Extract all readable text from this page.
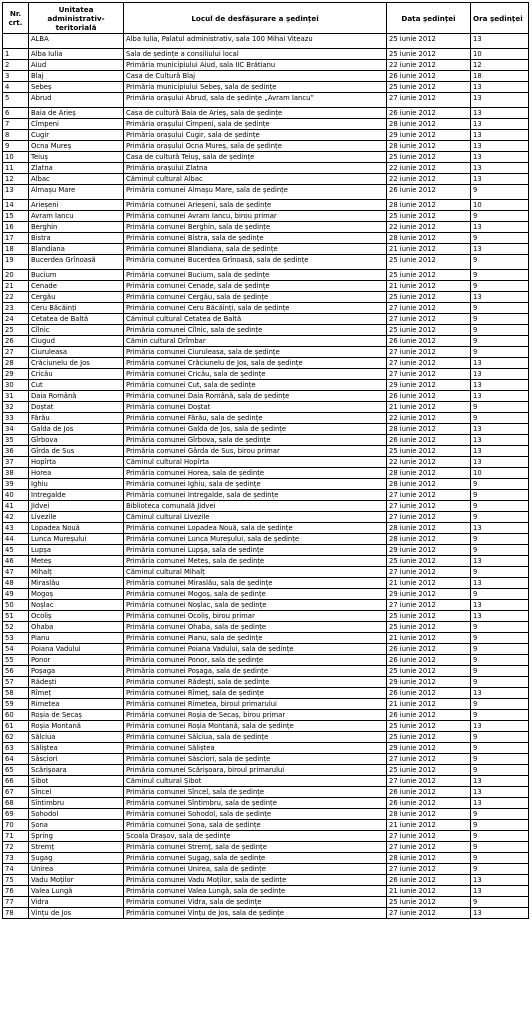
Nr. crt.	Unitatea administrativ-teritorială	Locul de desfășurare a ședinței	Data ședinței	Ora ședinței
	ALBA	Alba Iulia, Palatul administrativ, sala 100 Mihai Viteazu	25 iunie 2012	13
1	Alba Iulia	Sala de ședințe a consiliului local	25 iunie 2012	10
2	Aiud	Primăria municipiului Aiud, sala IIC Brătianu	22 iunie 2012	12
3	Blaj	Casa de Cultură Blaj	26 iunie 2012	18
4	Sebeș	Primăria municipiului Sebeș, sala de ședințe	25 iunie 2012	13
5	Abrud	Primăria orașului Abrud, sala de ședințe „Avram Iancu”	27 iunie 2012	13
6	Baia de Arieș	Casa de cultură Baia de Arieș, sala de ședințe	26 iunie 2012	13
7	Cîmpeni	Primăria orașului Cîmpeni, sala de ședințe	28 iunie 2012	13
8	Cugir	Primăria orașului Cugir, sala de ședințe	29 iunie 2012	13
9	Ocna Mureș	Primăria orașului Ocna Mureș, sala de ședințe	28 iunie 2012	13
10	Teiuș	Casa de cultură Teiuș, sala de ședințe	25 iunie 2012	13
11	Zlatna	Primăria orașului Zlatna	22 iunie 2012	13
12	Albac	Căminul cultural Albac	22 iunie 2012	13
13	Almașu Mare	Primăria comunei Almașu Mare, sala de ședințe	26 iunie 2012	9
14	Arieșeni	Primăria comunei Arieșeni, sala de ședințe	28 iunie 2012	10
15	Avram Iancu	Primăria comunei Avram Iancu, birou primar	25 iunie 2012	9
16	Berghin	Primăria comunei Berghin, sala de ședințe	22 iunie 2012	13
17	Bistra	Primăria comunei Bistra, sala de ședințe	28 iunie 2012	9
18	Blandiana	Primăria comunei Blandiana, sala de ședințe	21 iunie 2012	13
19	Bucerdea Grînoasă	Primăria comunei Bucerdea Grînoasă, sala de ședințe	25 iunie 2012	9
20	Bucium	Primăria comunei Bucium, sala de ședințe	25 iunie 2012	9
21	Cenade	Primăria comunei Cenade, sala de ședințe	21 iunie 2012	9
22	Cergău	Primăria comunei Cergău, sala de ședințe	25 iunie 2012	13
23	Ceru Băcăinți	Primăria comunei Ceru Băcăinți, sala de ședințe	27 iunie 2012	9
24	Cetatea de Baltă	Căminul cultural Cetatea de Baltă	27 iunie 2012	9
25	Cîlnic	Primăria comunei Cîlnic, sala de ședințe	25 iunie 2012	9
26	Ciugud	Cămin cultural Drîmbar	26 iunie 2012	9
27	Ciuruleasa	Primăria comunei Ciuruleasa, sala de ședințe	27 iunie 2012	9
28	Crăciunelu de Jos	Primăria comunei Crăciunelu de Jos, sala de ședințe	27 iunie 2012	13
29	Cricău	Primăria comunei Cricău, sala de ședințe	27 iunie 2012	13
30	Cut	Primăria comunei Cut, sala de ședințe	29 iunie 2012	13
31	Daia Română	Primăria comunei Daia Română, sala de ședințe	26 iunie 2012	13
32	Doștat	Primăria comunei Doștat	21 iunie 2012	9
33	Fărău	Primăria comunei Fărău, sala de ședințe	22 iunie 2012	9
34	Galda de Jos	Primăria comunei Galda de Jos, sala de ședințe	28 iunie 2012	13
35	Gîrbova	Primăria comunei Gîrbova, sala de ședințe	26 iunie 2012	13
36	Gîrda de Sus	Primăria comunei Gârda de Sus, birou primar	25 iunie 2012	13
37	Hopîrta	Căminul cultural Hopîrta	22 iunie 2012	13
38	Horea	Primăria comunei Horea, sala de ședințe	28 iunie 2012	10
39	Ighiu	Primăria comunei Ighiu, sala de ședințe	28 iunie 2012	9
40	Intregalde	Primăria comunei Intregalde, sala de ședințe	27 iunie 2012	9
41	Jidvei	Biblioteca comunală Jidvei	27 iunie 2012	9
42	Livezile	Căminul cultural Livezile	27 iunie 2012	9
43	Lopadea Nouă	Primăria comunei Lopadea Nouă, sala de ședințe	28 iunie 2012	13
44	Lunca Mureșului	Primăria comunei Lunca Mureșului, sala de ședințe	28 iunie 2012	9
45	Lupșa	Primăria comunei Lupșa, sala de ședințe	29 iunie 2012	9
46	Meteș	Primăria comunei Meteș, sala de ședințe	25 iunie 2012	13
47	Mihalț	Căminul cultural Mihalț	27 iunie 2012	9
48	Miraslău	Primăria comunei Miraslău, sala de ședințe	21 iunie 2012	13
49	Mogoș	Primăria comunei Mogoș, sala de ședințe	29 iunie 2012	9
50	Noșlac	Primăria comunei Noșlac, sala de ședințe	27 iunie 2012	13
51	Ocoliș	Primăria comunei Ocoliș, birou primar	25 iunie 2012	13
52	Ohaba	Primăria comunei Ohaba, sala de ședințe	25 iunie 2012	9
53	Pianu	Primăria comunei Pianu, sala de ședințe	21 iunie 2012	9
54	Poiana Vadului	Primăria comunei Poiana Vadului, sala de ședințe	26 iunie 2012	9
55	Ponor	Primăria comunei Ponor, sala de ședințe	26 iunie 2012	9
56	Poșaga	Primăria comunei Poșaga, sala de ședințe	25 iunie 2012	9
57	Rădești	Primăria comunei Rădești, sala de ședințe	29 iunie 2012	9
58	Rîmeț	Primăria comunei Rîmeț, sala de ședințe	26 iunie 2012	13
59	Rimetea	Primăria comunei Rimetea, biroul primarului	21 iunie 2012	9
60	Roșia de Secaș	Primăria comunei Roșia de Secaș, birou primar	26 iunie 2012	9
61	Roșia Montană	Primăria comunei Roșia Montană, sala de ședințe	25 iunie 2012	13
62	Sălciua	Primăria comunei Sălciua, sala de ședințe	25 iunie 2012	9
63	Săliștea	Primăria comunei Săliștea	29 iunie 2012	9
64	Sâsciori	Primăria comunei Săsciori, sala de ședințe	27 iunie 2012	9
65	Scărișoara	Primăria comunei Scărișoara, biroul primarului	25 iunie 2012	9
66	Șibot	Căminul cultural Șibot	27 iunie 2012	13
67	Sîncel	Primăria comunei Sîncel, sala de ședințe	26 iunie 2012	13
68	Sîntimbru	Primăria comunei Sîntimbru, sala de ședințe	26 iunie 2012	13
69	Sohodol	Primăria comunei Sohodol, sala de ședințe	28 iunie 2012	9
70	Șona	Primăria comunei Șona, sala de ședințe	21 iunie 2012	9
71	Șpring	Școala Drașov, sala de ședințe	27 iunie 2012	9
72	Stremț	Primăria comunei Stremț, sala de ședințe	27 iunie 2012	9
73	Șugag	Primăria comunei Șugag, sala de ședințe	28 iunie 2012	9
74	Unirea	Primăria comunei Unirea, sala de ședințe	27 iunie 2012	9
75	Vadu Moților	Primăria comunei Vadu Moților, sala de ședințe	26 iunie 2012	13
76	Valea Lungă	Primăria comunei Valea Lungă, sala de ședințe	21 iunie 2012	13
77	Vidra	Primăria comunei Vidra, sala de ședințe	25 iunie 2012	9
78	Vințu de Jos	Primăria comunei Vințu de Jos, sala de ședințe	27 iunie 2012	13
